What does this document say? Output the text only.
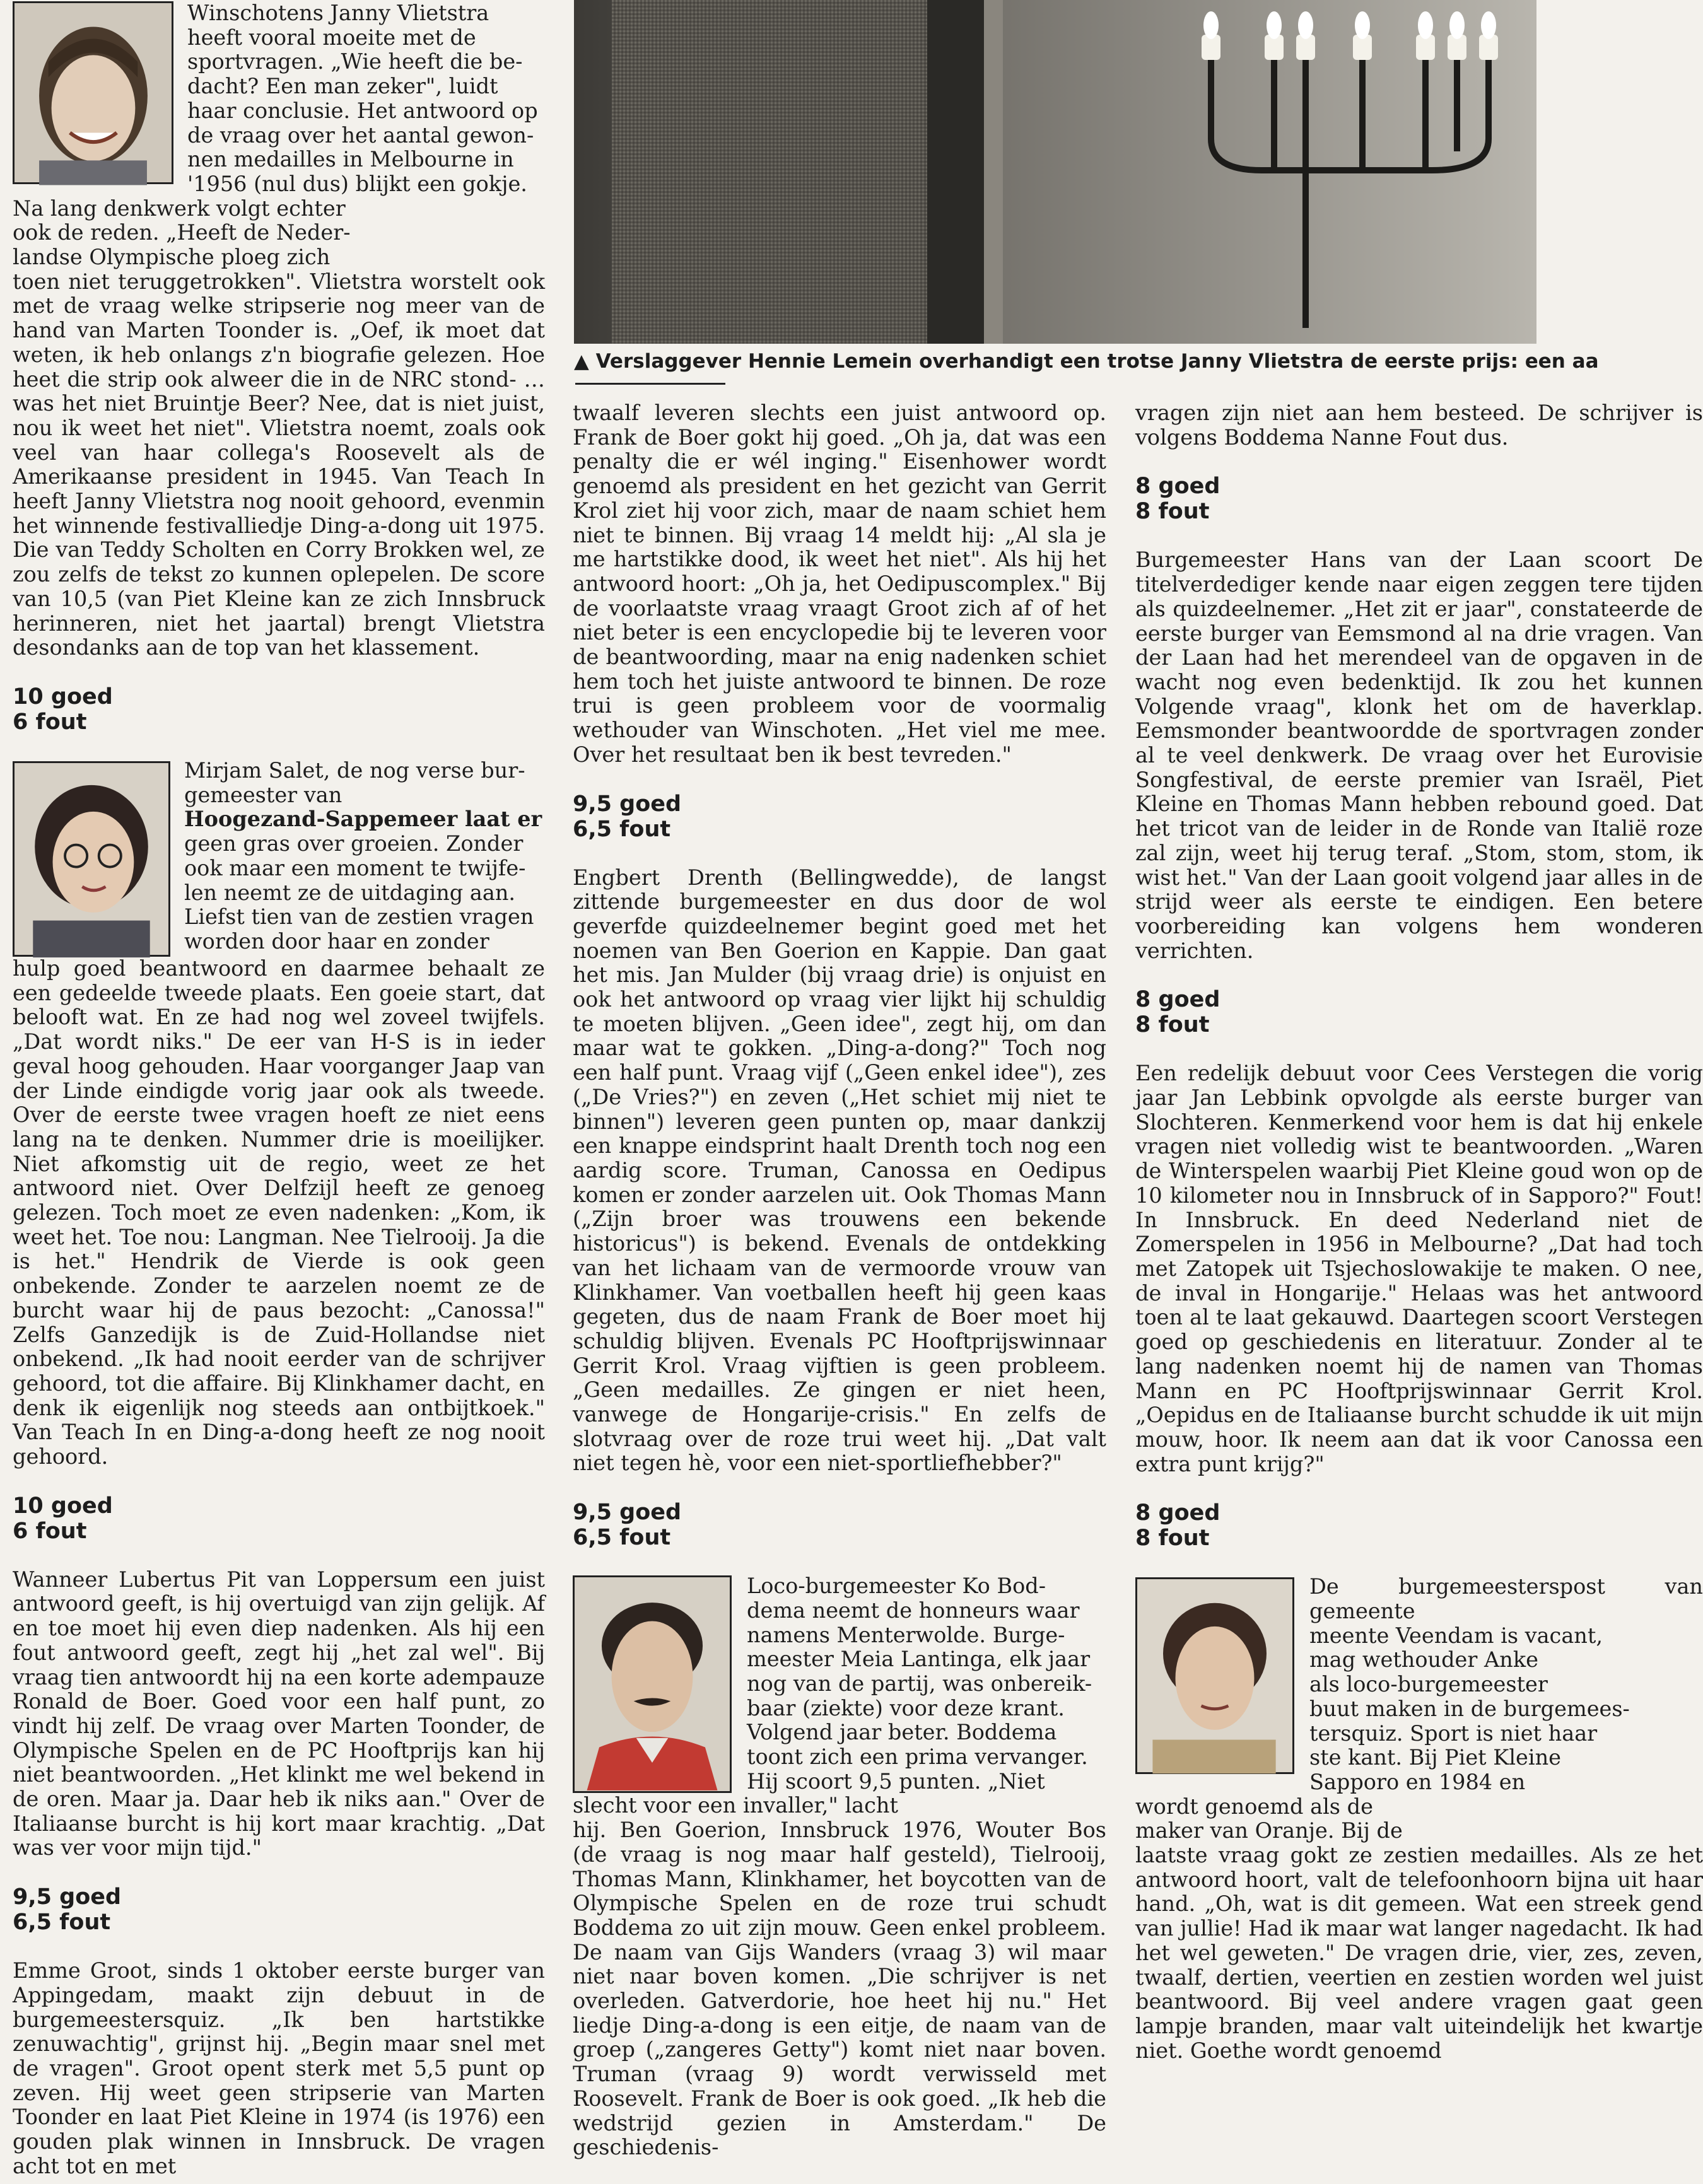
▲ Verslaggever Hennie Lemein overhandigt een trotse Janny Vlietstra de eerste prijs: een aa

Winschotens Janny Vlietstra
heeft vooral moeite met de
sportvragen. „Wie heeft die be-
dacht? Een man zeker", luidt
haar conclusie. Het antwoord op
de vraag over het aantal gewon-
nen medailles in Melbourne in
'1956 (nul dus) blijkt een gokje.
Na lang denkwerk volgt echter
ook de reden. „Heeft de Neder-
landse Olympische ploeg zich

toen niet teruggetrokken". Vlietstra worstelt ook met de vraag welke stripserie nog meer van de hand van Marten Toonder is. „Oef, ik moet dat weten, ik heb onlangs z'n biografie gelezen. Hoe heet die strip ook alweer die in de NRC stond- …was het niet Bruintje Beer? Nee, dat is niet juist, nou ik weet het niet". Vlietstra noemt, zoals ook veel van haar collega's Roosevelt als de Amerikaanse president in 1945. Van Teach In heeft Janny Vlietstra nog nooit gehoord, evenmin het winnende festivalliedje Ding-a-dong uit 1975. Die van Teddy Scholten en Corry Brokken wel, ze zou zelfs de tekst zo kunnen oplepelen. De score van 10,5 (van Piet Kleine kan ze zich Innsbruck herinneren, niet het jaartal) brengt Vlietstra desondanks aan de top van het klassement.

10 goed
6 fout

Mirjam Salet, de nog verse bur-
gemeester van
Hoogezand-Sappemeer laat er
geen gras over groeien. Zonder
ook maar een moment te twijfe-
len neemt ze de uitdaging aan.
Liefst tien van de zestien vragen
worden door haar en zonder

hulp goed beantwoord en daarmee behaalt ze een gedeelde tweede plaats. Een goeie start, dat belooft wat. En ze had nog wel zoveel twijfels. „Dat wordt niks." De eer van H-S is in ieder geval hoog gehouden. Haar voorganger Jaap van der Linde eindigde vorig jaar ook als tweede. Over de eerste twee vragen hoeft ze niet eens lang na te denken. Nummer drie is moeilijker. Niet afkomstig uit de regio, weet ze het antwoord niet. Over Delfzijl heeft ze genoeg gelezen. Toch moet ze even nadenken: „Kom, ik weet het. Toe nou: Langman. Nee Tielrooij. Ja die is het." Hendrik de Vierde is ook geen onbekende. Zonder te aarzelen noemt ze de burcht waar hij de paus bezocht: „Canossa!" Zelfs Ganzedijk is de Zuid-Hollandse niet onbekend. „Ik had nooit eerder van de schrijver gehoord, tot die affaire. Bij Klinkhamer dacht, en denk ik eigenlijk nog steeds aan ontbijtkoek." Van Teach In en Ding-a-dong heeft ze nog nooit gehoord.

10 goed
6 fout

Wanneer Lubertus Pit van Loppersum een juist antwoord geeft, is hij overtuigd van zijn gelijk. Af en toe moet hij even diep nadenken. Als hij een fout antwoord geeft, zegt hij „het zal wel". Bij vraag tien antwoordt hij na een korte adempauze Ronald de Boer. Goed voor een half punt, zo vindt hij zelf. De vraag over Marten Toonder, de Olympische Spelen en de PC Hooftprijs kan hij niet beantwoorden. „Het klinkt me wel bekend in de oren. Maar ja. Daar heb ik niks aan." Over de Italiaanse burcht is hij kort maar krachtig. „Dat was ver voor mijn tijd."

9,5 goed
6,5 fout

Emme Groot, sinds 1 oktober eerste burger van Appingedam, maakt zijn debuut in de burgemeestersquiz. „Ik ben hartstikke zenuwachtig", grijnst hij. „Begin maar snel met de vragen". Groot opent sterk met 5,5 punt op zeven. Hij weet geen stripserie van Marten Toonder en laat Piet Kleine in 1974 (is 1976) een gouden plak winnen in Innsbruck. De vragen acht tot en met

twaalf leveren slechts een juist antwoord op. Frank de Boer gokt hij goed. „Oh ja, dat was een penalty die er wél inging." Eisenhower wordt genoemd als president en het gezicht van Gerrit Krol ziet hij voor zich, maar de naam schiet hem niet te binnen. Bij vraag 14 meldt hij: „Al sla je me hartstikke dood, ik weet het niet". Als hij het antwoord hoort: „Oh ja, het Oedipuscomplex." Bij de voorlaatste vraag vraagt Groot zich af of het niet beter is een encyclopedie bij te leveren voor de beantwoording, maar na enig nadenken schiet hem toch het juiste antwoord te binnen. De roze trui is geen probleem voor de voormalig wethouder van Winschoten. „Het viel me mee. Over het resultaat ben ik best tevreden."

9,5 goed
6,5 fout

Engbert Drenth (Bellingwedde), de langst zittende burgemeester en dus door de wol geverfde quizdeelnemer begint goed met het noemen van Ben Goerion en Kappie. Dan gaat het mis. Jan Mulder (bij vraag drie) is onjuist en ook het antwoord op vraag vier lijkt hij schuldig te moeten blijven. „Geen idee", zegt hij, om dan maar wat te gokken. „Ding-a-dong?" Toch nog een half punt. Vraag vijf („Geen enkel idee"), zes („De Vries?") en zeven („Het schiet mij niet te binnen") leveren geen punten op, maar dankzij een knappe eindsprint haalt Drenth toch nog een aardig score. Truman, Canossa en Oedipus komen er zonder aarzelen uit. Ook Thomas Mann („Zijn broer was trouwens een bekende historicus") is bekend. Evenals de ontdekking van het lichaam van de vermoorde vrouw van Klinkhamer. Van voetballen heeft hij geen kaas gegeten, dus de naam Frank de Boer moet hij schuldig blijven. Evenals PC Hooftprijswinnaar Gerrit Krol. Vraag vijftien is geen probleem. „Geen medailles. Ze gingen er niet heen, vanwege de Hongarije-crisis." En zelfs de slotvraag over de roze trui weet hij. „Dat valt niet tegen hè, voor een niet-sportliefhebber?"

9,5 goed
6,5 fout

Loco-burgemeester Ko Bod-
dema neemt de honneurs waar
namens Menterwolde. Burge-
meester Meia Lantinga, elk jaar
nog van de partij, was onbereik-
baar (ziekte) voor deze krant.
Volgend jaar beter. Boddema
toont zich een prima vervanger.
Hij scoort 9,5 punten. „Niet
slecht voor een invaller," lacht

hij. Ben Goerion, Innsbruck 1976, Wouter Bos (de vraag is nog maar half gesteld), Tielrooij, Thomas Mann, Klinkhamer, het boycotten van de Olympische Spelen en de roze trui schudt Boddema zo uit zijn mouw. Geen enkel probleem. De naam van Gijs Wanders (vraag 3) wil maar niet naar boven komen. „Die schrijver is net overleden. Gatverdorie, hoe heet hij nu." Het liedje Ding-a-dong is een eitje, de naam van de groep („zangeres Getty") komt niet naar boven. Truman (vraag 9) wordt verwisseld met Roosevelt. Frank de Boer is ook goed. „Ik heb die wedstrijd gezien in Amsterdam." De geschiedenis-

vragen zijn niet aan hem besteed. De schrijver is volgens Boddema Nanne Fout dus.

8 goed
8 fout

Burgemeester Hans van der Laan scoort De titelverdediger kende naar eigen zeggen tere tijden als quizdeelnemer. „Het zit er jaar", constateerde de eerste burger van Eemsmond al na drie vragen. Van der Laan had het merendeel van de opgaven in de wacht nog even bedenktijd. Ik zou het kunnen Volgende vraag", klonk het om de haverklap. Eemsmonder beantwoordde de sportvragen zonder al te veel denkwerk. De vraag over het Eurovisie Songfestival, de eerste premier van Israël, Piet Kleine en Thomas Mann hebben rebound goed. Dat het tricot van de leider in de Ronde van Italië roze zal zijn, weet hij terug teraf. „Stom, stom, stom, ik wist het." Van der Laan gooit volgend jaar alles in de strijd weer als eerste te eindigen. Een betere voorbereiding kan volgens hem wonderen verrichten.

8 goed
8 fout

Een redelijk debuut voor Cees Verstegen die vorig jaar Jan Lebbink opvolgde als eerste burger van Slochteren. Kenmerkend voor hem is dat hij enkele vragen niet volledig wist te beantwoorden. „Waren de Winterspelen waarbij Piet Kleine goud won op de 10 kilometer nou in Innsbruck of in Sapporo?" Fout! In Innsbruck. En deed Nederland niet de Zomerspelen in 1956 in Melbourne? „Dat had toch met Zatopek uit Tsjechoslowakije te maken. O nee, de inval in Hongarije." Helaas was het antwoord toen al te laat gekauwd. Daartegen scoort Verstegen goed op geschiedenis en literatuur. Zonder al te lang nadenken noemt hij de namen van Thomas Mann en PC Hooftprijswinnaar Gerrit Krol. „Oepidus en de Italiaanse burcht schudde ik uit mijn mouw, hoor. Ik neem aan dat ik voor Canossa een extra punt krijg?"

8 goed
8 fout

De burgemeesterspost van gemeente
meente Veendam is vacant,
mag wethouder Anke
als loco-burgemeester
buut maken in de burgemees-
tersquiz. Sport is niet haar
ste kant. Bij Piet Kleine
Sapporo en 1984 en
wordt genoemd als de
maker van Oranje. Bij de

laatste vraag gokt ze zestien medailles. Als ze het antwoord hoort, valt de telefoonhoorn bijna uit haar hand. „Oh, wat is dit gemeen. Wat een streek gend van jullie! Had ik maar wat langer nagedacht. Ik had het wel geweten." De vragen drie, vier, zes, zeven, twaalf, dertien, veertien en zestien worden wel juist beantwoord. Bij veel andere vragen gaat geen lampje branden, maar valt uiteindelijk het kwartje niet. Goethe wordt genoemd
